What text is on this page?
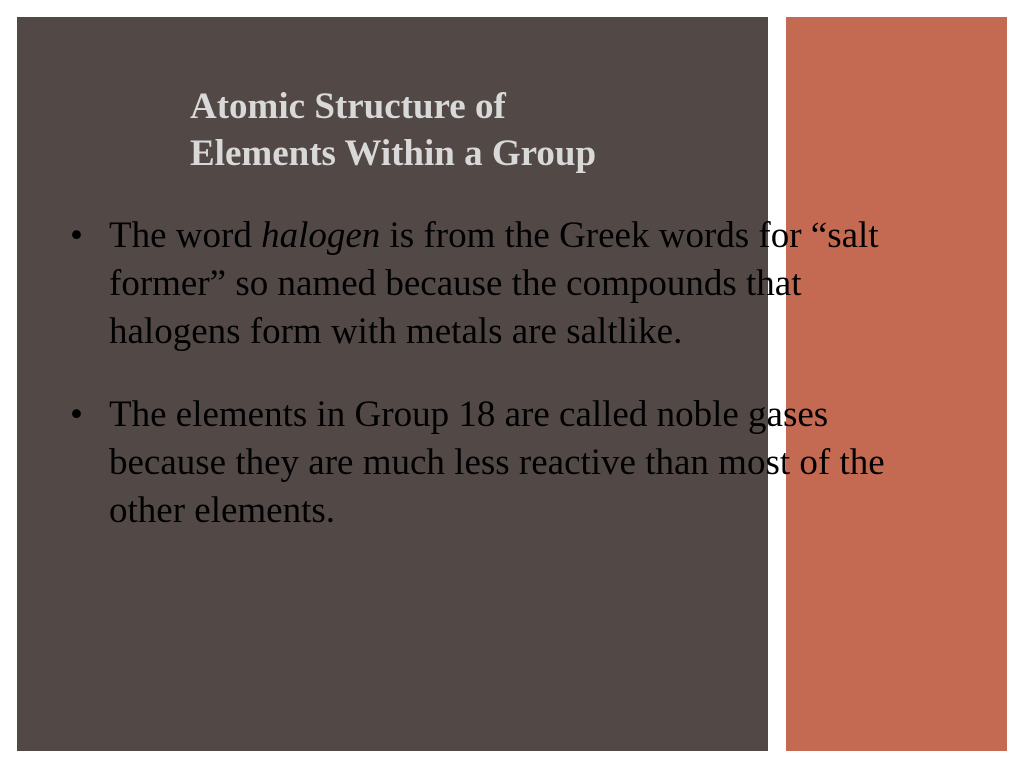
Atomic Structure of
Elements Within a Group
• The word halogen is from the Greek words for “salt former” so named because the compounds that halogens form with metals are saltlike.
• The elements in Group 18 are called noble gases because they are much less reactive than most of the other elements.
